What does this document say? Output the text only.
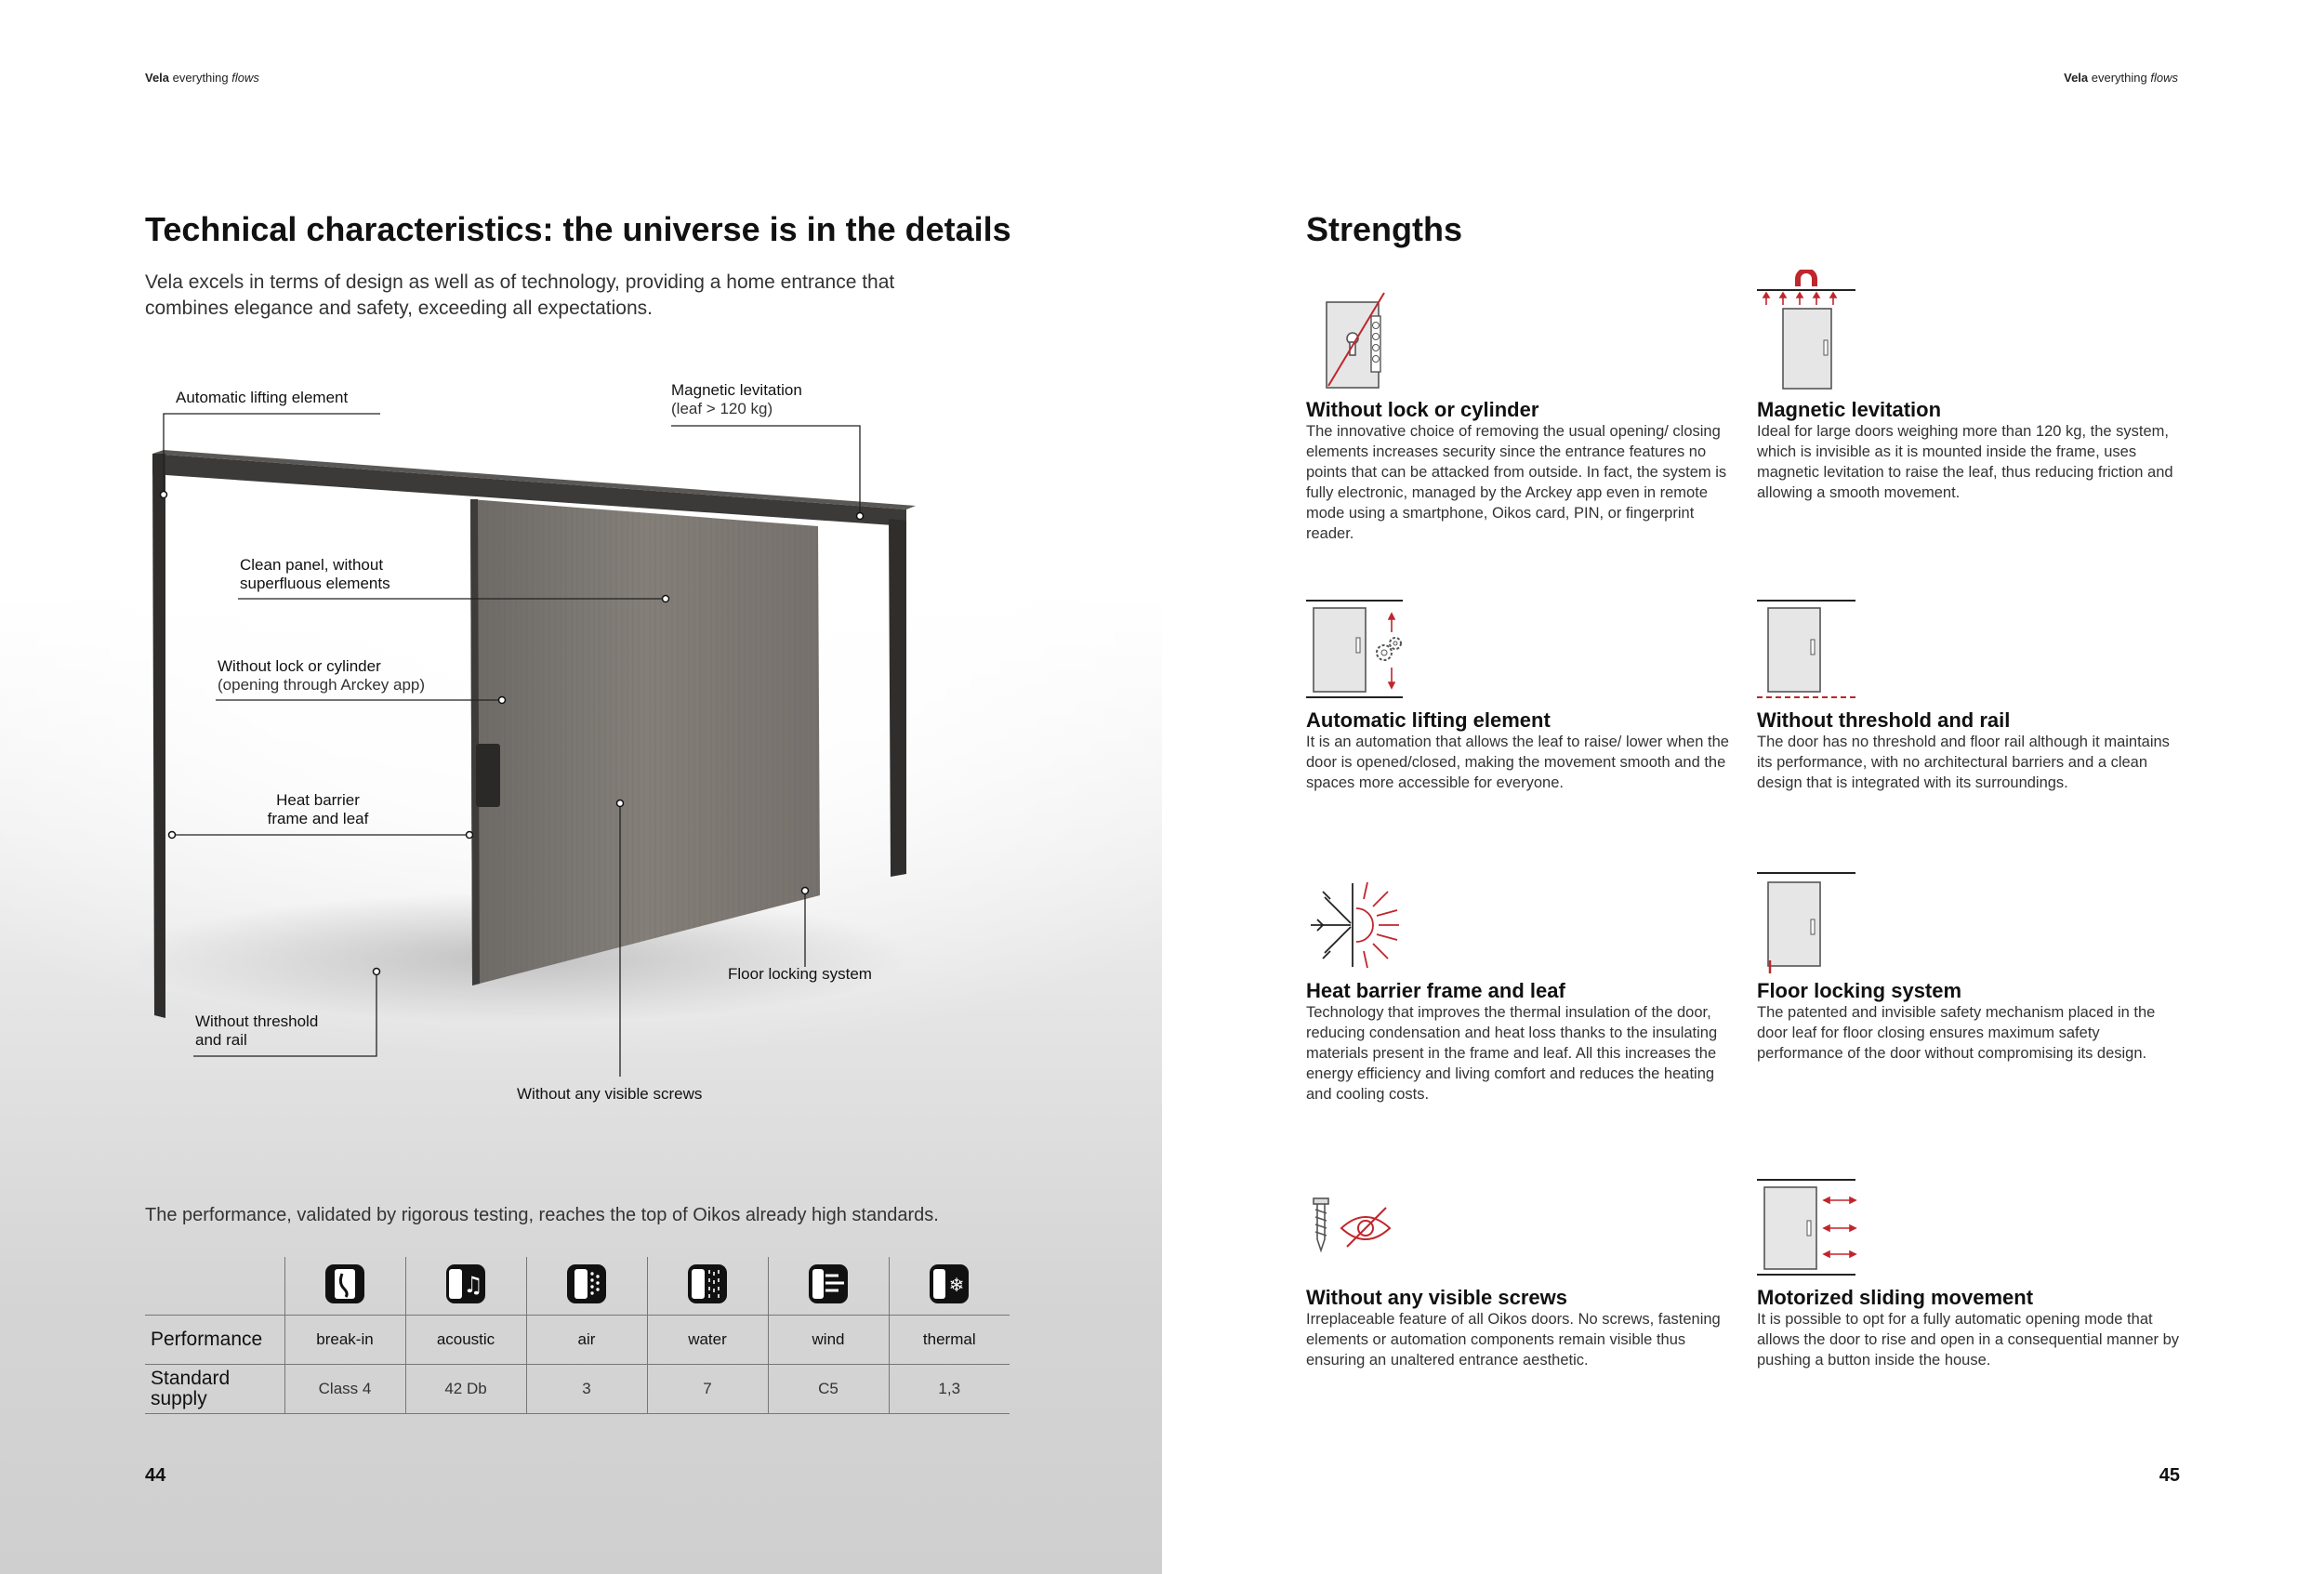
Vela everything flows
Technical characteristics: the universe is in the details
Vela excels in terms of design as well as of technology, providing a home entrance that combines elegance and safety, exceeding all expectations.
Automatic lifting element	Magnetic levitation
(leaf > 120 kg)
Clean panel, without
superfluous elements
Without lock or cylinder
(opening through Arckey app)
Heat barrier
frame and leaf
Floor locking system
Without threshold
and rail
Without any visible screws
The performance, validated by rigorous testing, reaches the top of Oikos already high standards.

♫				❄

Performance	break-in	acoustic	air	water	wind	thermal
Standard supply	Class 4	42 Db	3	7	C5	1,3
44
Vela everything flows
Strengths
Without lock or cylinder

The innovative choice of removing the usual opening/ closing elements increases security since the entrance features no points that can be attacked from outside. In fact, the system is fully electronic, managed by the Arckey app even in remote mode using a smartphone, Oikos card, PIN, or fingerprint reader.

Magnetic levitation

Ideal for large doors weighing more than 120 kg, the system, which is invisible as it is mounted inside the frame, uses magnetic levitation to raise the leaf, thus reducing friction and allowing a smooth movement.

Automatic lifting element

It is an automation that allows the leaf to raise/ lower when the door is opened/closed, making the movement smooth and the spaces more accessible for everyone.

Without threshold and rail

The door has no threshold and floor rail although it maintains its performance, with no architectural barriers and a clean design that is integrated with its surroundings.

Heat barrier frame and leaf

Technology that improves the thermal insulation of the door, reducing condensation and heat loss thanks to the insulating materials present in the frame and leaf. All this increases the energy efficiency and living comfort and reduces the heating and cooling costs.

Floor locking system

The patented and invisible safety mechanism placed in the door leaf for floor closing ensures maximum safety performance of the door without compromising its design.

Without any visible screws

Irreplaceable feature of all Oikos doors. No screws, fastening elements or automation components remain visible thus ensuring an unaltered entrance aesthetic.

Motorized sliding movement

It is possible to opt for a fully automatic opening mode that allows the door to rise and open in a consequential manner by pushing a button inside the house.

45
